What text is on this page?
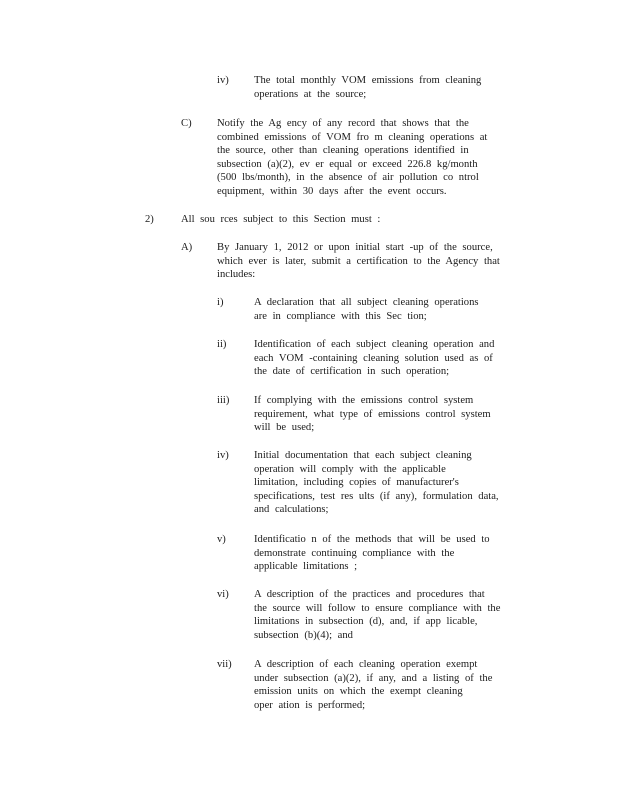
iv) The total monthly VOM emissions from cleaning
operations at the source;
C) Notify the Ag ency of any record that shows that the
combined emissions of VOM fro m cleaning operations at
the source, other than cleaning operations identified in
subsection (a)(2), ev er equal or exceed 226.8 kg/month
(500 lbs/month), in the absence of air pollution co ntrol
equipment, within 30 days after the event occurs.
2)	All sou rces subject to this Section must :
A) By January 1, 2012 or upon initial start -up of the source,
which ever is later, submit a certification to the Agency that
includes:
i)	A declaration that all subject cleaning operations
are in compliance with this Sec tion;
ii)	Identification of each subject cleaning operation and
each VOM -containing cleaning solution used as of
the date of certification in such operation;
iii) If complying with the emissions control system
requirement, what type of emissions control system
will be used;
iv) Initial documentation that each subject cleaning
operation will comply with the applicable
limitation, including copies of manufacturer's
specifications, test res ults (if any), formulation data,
and calculations;
v)	Identificatio n of the methods that will be used to
demonstrate continuing compliance with the
applicable limitations ;
vi) A description of the practices and procedures that
the source will follow to ensure compliance with the
limitations in subsection (d), and, if app licable,
subsection (b)(4); and
vii) A description of each cleaning operation exempt
under subsection (a)(2), if any, and a listing of the
emission units on which the exempt cleaning
oper ation is performed;
